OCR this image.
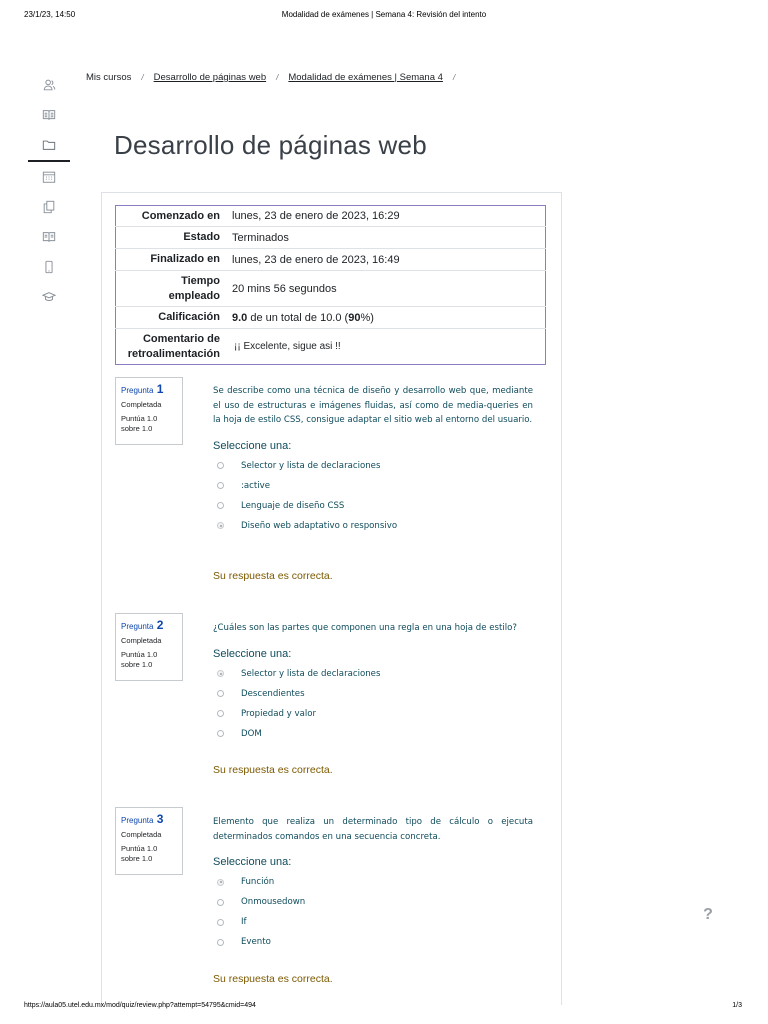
23/1/23, 14:50	Modalidad de exámenes | Semana 4: Revisión del intento
Mis cursos / Desarrollo de páginas web / Modalidad de exámenes | Semana 4 /
Desarrollo de páginas web
Comenzado en	lunes, 23 de enero de 2023, 16:29
Estado	Terminados
Finalizado en	lunes, 23 de enero de 2023, 16:49
Tiempo
empleado	20 mins 56 segundos
Calificación	9.0 de un total de 10.0 (90%)
Comentario de
retroalimentación	¡¡ Excelente, sigue asi !!
Pregunta 1
Completada
Puntúa 1.0
sobre 1.0

Se describe como una técnica de diseño y desarrollo web que, mediante el uso de estructuras e imágenes fluidas, así como de media-queries en la hoja de estilo CSS, consigue adaptar el sitio web al entorno del usuario.

Seleccione una:
Selector y lista de declaraciones
:active
Lenguaje de diseño CSS
Diseño web adaptativo o responsivo
Su respuesta es correcta.
Pregunta 2
Completada
Puntúa 1.0
sobre 1.0

¿Cuáles son las partes que componen una regla en una hoja de estilo?

Seleccione una:
Selector y lista de declaraciones
Descendientes
Propiedad y valor
DOM
Su respuesta es correcta.
Pregunta 3
Completada
Puntúa 1.0
sobre 1.0

Elemento que realiza un determinado tipo de cálculo o ejecuta determinados comandos en una secuencia concreta.

Seleccione una:
Función
Onmousedown
If
Evento
Su respuesta es correcta.
?
https://aula05.utel.edu.mx/mod/quiz/review.php?attempt=54795&cmid=494	1/3
